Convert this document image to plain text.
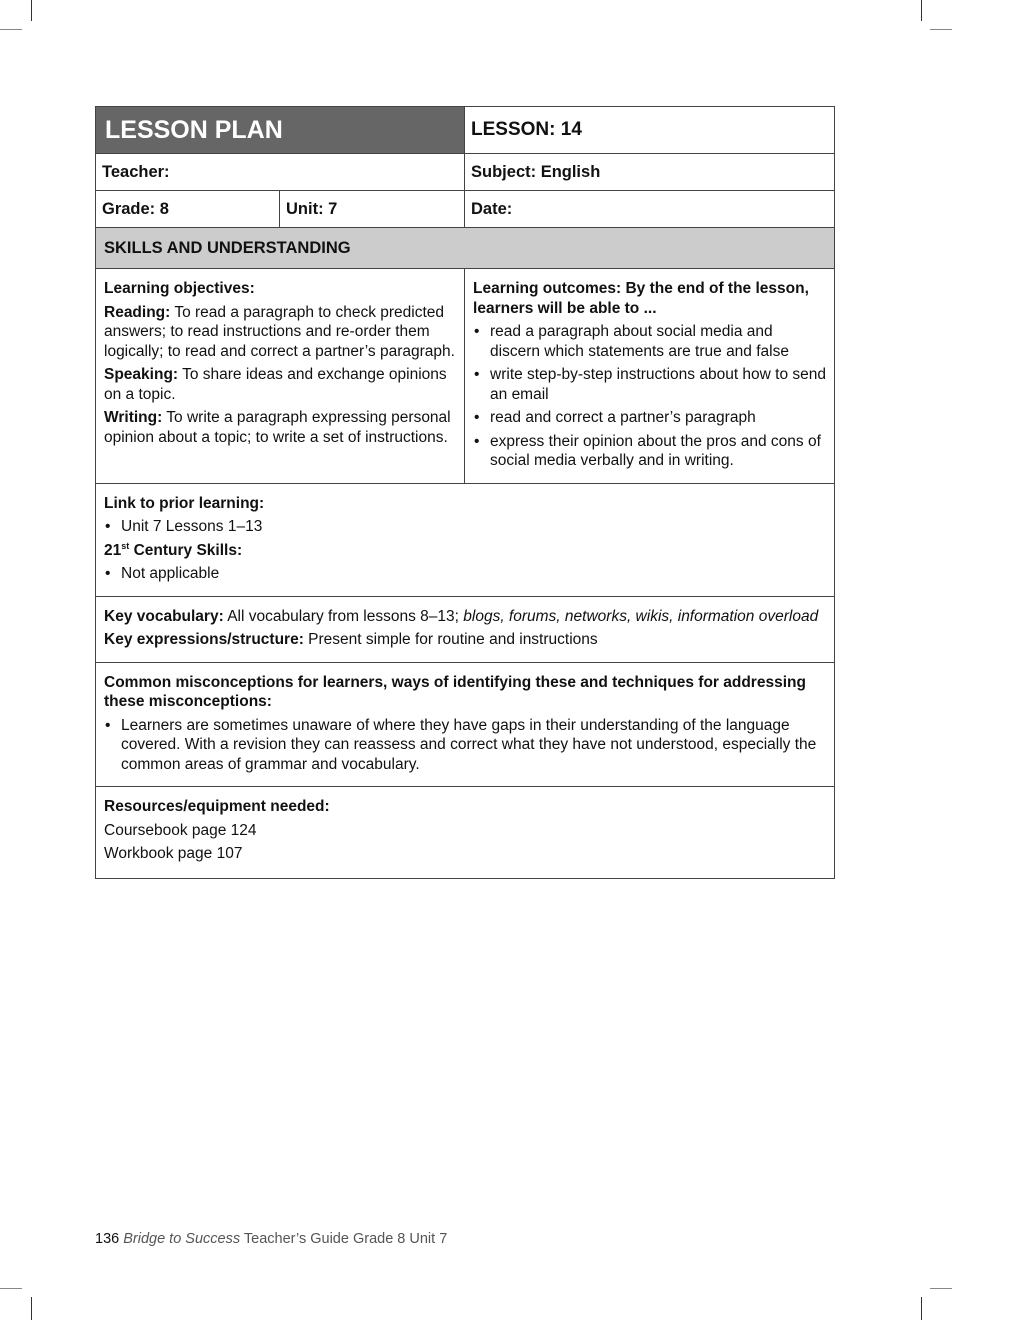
LESSON PLAN		LESSON: 14
Teacher:		Subject: English
Grade: 8	Unit: 7	Date:
SKILLS AND UNDERSTANDING		

Learning objectives:

Reading: To read a paragraph to check predicted answers; to read instructions and re-order them logically; to read and correct a partner’s paragraph.

Speaking: To share ideas and exchange opinions on a topic.

Writing: To write a paragraph expressing personal opinion about a topic; to write a set of instructions.

Learning outcomes: By the end of the lesson, learners will be able to ...

• read a paragraph about social media and discern which statements are true and false
• write step-by-step instructions about how to send an email
• read and correct a partner’s paragraph
• express their opinion about the pros and cons of social media verbally and in writing.

Link to prior learning:

• Unit 7 Lessons 1–13

21st Century Skills:

• Not applicable

Key vocabulary: All vocabulary from lessons 8–13; blogs, forums, networks, wikis, information overload

Key expressions/structure: Present simple for routine and instructions		

Common misconceptions for learners, ways of identifying these and techniques for addressing these misconceptions:

• Learners are sometimes unaware of where they have gaps in their understanding of the language covered. With a revision they can reassess and correct what they have not understood, especially the common areas of grammar and vocabulary.

Resources/equipment needed:

Coursebook page 124

Workbook page 107		

136 Bridge to Success Teacher’s Guide Grade 8 Unit 7
